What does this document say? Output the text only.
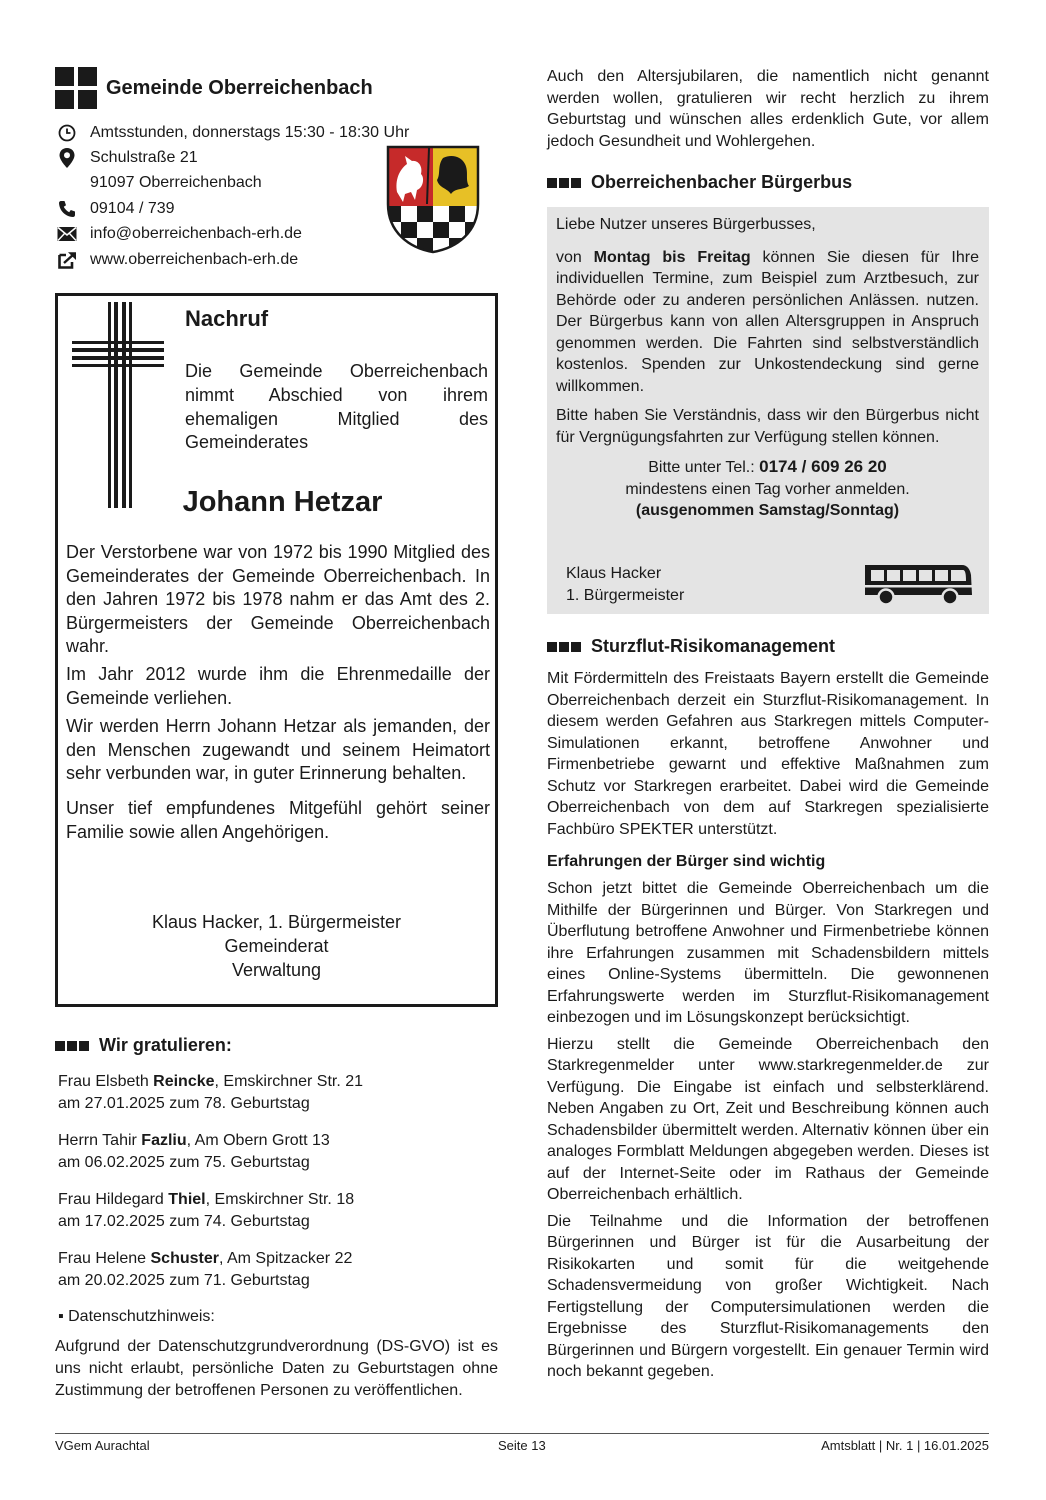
Gemeinde Oberreichenbach
Amtsstunden, donnerstags 15:30 - 18:30 Uhr
Schulstraße 21
91097 Oberreichenbach
09104 / 739
info@oberreichenbach-erh.de
www.oberreichenbach-erh.de
Nachruf

Die Gemeinde Oberreichenbach nimmt Abschied von ihrem ehemaligen Mitglied des Gemeinderates

Johann Hetzar

Der Verstorbene war von 1972 bis 1990 Mitglied des Gemeinderates der Gemeinde Oberreichenbach. In den Jahren 1972 bis 1978 nahm er das Amt des 2. Bürgermeisters der Gemeinde Oberreichenbach wahr.

Im Jahr 2012 wurde ihm die Ehrenmedaille der Gemeinde verliehen.

Wir werden Herrn Johann Hetzar als jemanden, der den Menschen zugewandt und seinem Heimatort sehr verbunden war, in guter Erinnerung behalten.

Unser tief empfundenes Mitgefühl gehört seiner Familie sowie allen Angehörigen.

Klaus Hacker, 1. Bürgermeister
Gemeinderat
Verwaltung
Wir gratulieren:
Frau Elsbeth Reincke, Emskirchner Str. 21
am 27.01.2025 zum 78. Geburtstag
Herrn Tahir Fazliu, Am Obern Grott 13
am 06.02.2025 zum 75. Geburtstag
Frau Hildegard Thiel, Emskirchner Str. 18
am 17.02.2025 zum 74. Geburtstag
Frau Helene Schuster, Am Spitzacker 22
am 20.02.2025 zum 71. Geburtstag
▪ Datenschutzhinweis:

Aufgrund der Datenschutzgrundverordnung (DS-GVO) ist es uns nicht erlaubt, persönliche Daten zu Geburtstagen ohne Zustimmung der betroffenen Personen zu veröffentlichen.

Auch den Altersjubilaren, die namentlich nicht genannt werden wollen, gratulieren wir recht herzlich zu ihrem Geburtstag und wünschen alles erdenklich Gute, vor allem jedoch Gesundheit und Wohlergehen.

Oberreichenbacher Bürgerbus

Liebe Nutzer unseres Bürgerbusses,

von Montag bis Freitag können Sie diesen für Ihre individuellen Termine, zum Beispiel zum Arztbesuch, zur Behörde oder zu anderen persönlichen Anlässen. nutzen. Der Bürgerbus kann von allen Altersgruppen in Anspruch genommen werden. Die Fahrten sind selbstverständlich kostenlos. Spenden zur Unkostendeckung sind gerne willkommen.

Bitte haben Sie Verständnis, dass wir den Bürgerbus nicht für Vergnügungsfahrten zur Verfügung stellen können.

Bitte unter Tel.: 0174 / 609 26 20

mindestens einen Tag vorher anmelden.

(ausgenommen Samstag/Sonntag)

Klaus Hacker
1. Bürgermeister
Sturzflut-Risikomanagement

Mit Fördermitteln des Freistaats Bayern erstellt die Gemeinde Oberreichenbach derzeit ein Sturzflut-Risikomanagement. In diesem werden Gefahren aus Starkregen mittels Computer-Simulationen erkannt, betroffene Anwohner und Firmenbetriebe gewarnt und effektive Maßnahmen zum Schutz vor Starkregen erarbeitet. Dabei wird die Gemeinde Oberreichenbach von dem auf Starkregen spezialisierte Fachbüro SPEKTER unterstützt.

Erfahrungen der Bürger sind wichtig

Schon jetzt bittet die Gemeinde Oberreichenbach um die Mithilfe der Bürgerinnen und Bürger. Von Starkregen und Überflutung betroffene Anwohner und Firmenbetriebe können ihre Erfahrungen zusammen mit Schadensbildern mittels eines Online-Systems übermitteln. Die gewonnenen Erfahrungswerte werden im Sturzflut-Risikomanagement einbezogen und im Lösungskonzept berücksichtigt.

Hierzu stellt die Gemeinde Oberreichenbach den Starkregenmelder unter www.starkregenmelder.de zur Verfügung. Die Eingabe ist einfach und selbsterklärend. Neben Angaben zu Ort, Zeit und Beschreibung können auch Schadensbilder übermittelt werden. Alternativ können über ein analoges Formblatt Meldungen abgegeben werden. Dieses ist auf der Internet-Seite oder im Rathaus der Gemeinde Oberreichenbach erhältlich.

Die Teilnahme und die Information der betroffenen Bürgerinnen und Bürger ist für die Ausarbeitung der Risikokarten und somit für die weitgehende Schadensvermeidung von großer Wichtigkeit. Nach Fertigstellung der Computersimulationen werden die Ergebnisse des Sturzflut-Risikomanagements den Bürgerinnen und Bürgern vorgestellt. Ein genauer Termin wird noch bekannt gegeben.

VGem Aurachtal	Seite 13	Amtsblatt | Nr. 1 | 16.01.2025
